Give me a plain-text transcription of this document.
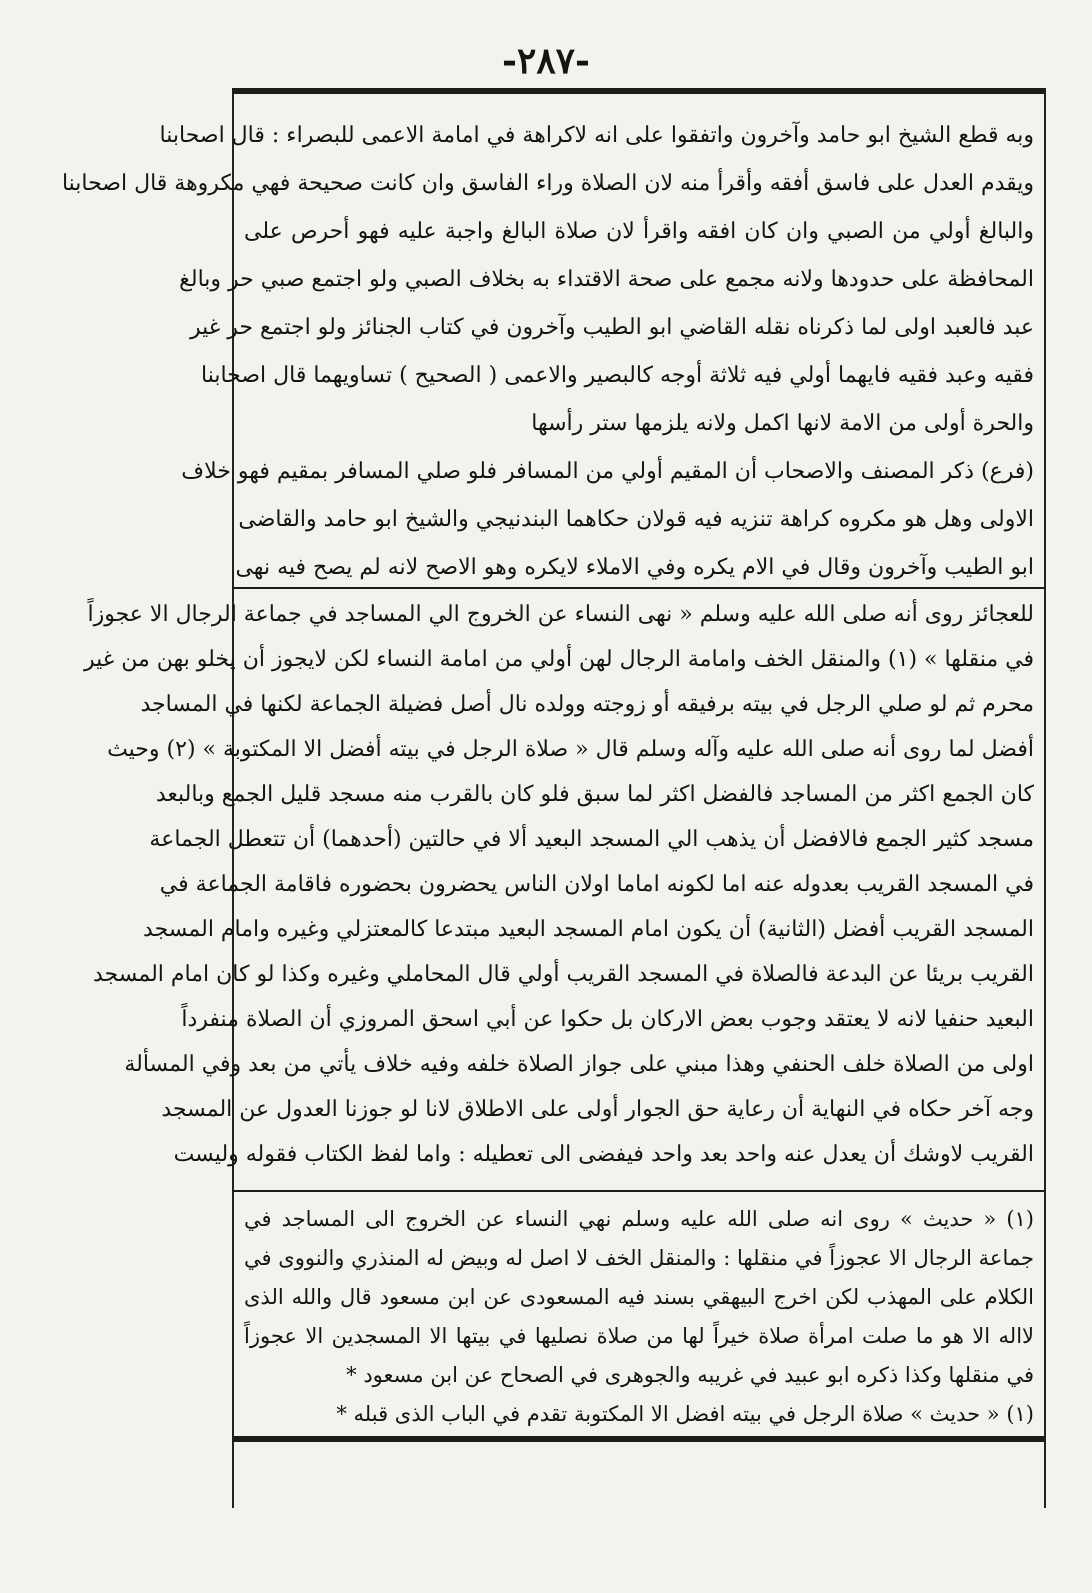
-٢٨٧-
وبه قطع الشيخ ابو حامد وآخرون واتفقوا على انه لاكراهة في امامة الاعمى للبصراء : قال اصحابنا
ويقدم العدل على فاسق أفقه وأقرأ منه لان الصلاة وراء الفاسق وان كانت صحيحة فهي مكروهة قال اصحابنا
والبالغ أولي من الصبي وان كان افقه واقرأ لان صلاة البالغ واجبة عليه فهو أحرص على
المحافظة على حدودها ولانه مجمع على صحة الاقتداء به بخلاف الصبي ولو اجتمع صبي حر وبالغ
عبد فالعبد اولى لما ذكرناه نقله القاضي ابو الطيب وآخرون في كتاب الجنائز ولو اجتمع حر غير
فقيه وعبد فقيه فايهما أولي فيه ثلاثة أوجه كالبصير والاعمى ( الصحيح ) تساويهما قال اصحابنا
والحرة أولى من الامة لانها اكمل ولانه يلزمها ستر رأسها
(فرع) ذكر المصنف والاصحاب أن المقيم أولي من المسافر فلو صلي المسافر بمقيم فهو خلاف
الاولى وهل هو مكروه كراهة تنزيه فيه قولان حكاهما البندنيجي والشيخ ابو حامد والقاضى
ابو الطيب وآخرون وقال في الام يكره وفي الاملاء لايكره وهو الاصح لانه لم يصح فيه نهى
للعجائز روى أنه صلى الله عليه وسلم « نهى النساء عن الخروج الي المساجد في جماعة الرجال الا عجوزاً
في منقلها » (١) والمنقل الخف وامامة الرجال لهن أولي من امامة النساء لكن لايجوز أن يخلو بهن من غير
محرم ثم لو صلي الرجل في بيته برفيقه أو زوجته وولده نال أصل فضيلة الجماعة لكنها في المساجد
أفضل لما روى أنه صلى الله عليه وآله وسلم قال « صلاة الرجل في بيته أفضل الا المكتوبة » (٢) وحيث
كان الجمع اكثر من المساجد فالفضل اكثر لما سبق فلو كان بالقرب منه مسجد قليل الجمع وبالبعد
مسجد كثير الجمع فالافضل أن يذهب الي المسجد البعيد ألا في حالتين (أحدهما) أن تتعطل الجماعة
في المسجد القريب بعدوله عنه اما لكونه اماما اولان الناس يحضرون بحضوره فاقامة الجماعة في
المسجد القريب أفضل (الثانية) أن يكون امام المسجد البعيد مبتدعا كالمعتزلي وغيره وامام المسجد
القريب بريئا عن البدعة فالصلاة في المسجد القريب أولي قال المحاملي وغيره وكذا لو كان امام المسجد
البعيد حنفيا لانه لا يعتقد وجوب بعض الاركان بل حكوا عن أبي اسحق المروزي أن الصلاة منفرداً
اولى من الصلاة خلف الحنفي وهذا مبني على جواز الصلاة خلفه وفيه خلاف يأتي من بعد وفي المسألة
وجه آخر حكاه في النهاية أن رعاية حق الجوار أولى على الاطلاق لانا لو جوزنا العدول عن المسجد
القريب لاوشك أن يعدل عنه واحد بعد واحد فيفضى الى تعطيله : واما لفظ الكتاب فقوله وليست
(١) « حديث » روى انه صلى الله عليه وسلم نهي النساء عن الخروج الى المساجد في
جماعة الرجال الا عجوزاً في منقلها : والمنقل الخف لا اصل له وبيض له المنذري والنووى في
الكلام على المهذب لكن اخرج البيهقي بسند فيه المسعودى عن ابن مسعود قال والله الذى
لااله الا هو ما صلت امرأة صلاة خيراً لها من صلاة نصليها في بيتها الا المسجدين الا عجوزاً
في منقلها وكذا ذكره ابو عبيد في غريبه والجوهرى في الصحاح عن ابن مسعود *
(١) « حديث » صلاة الرجل في بيته افضل الا المكتوبة تقدم في الباب الذى قبله *
